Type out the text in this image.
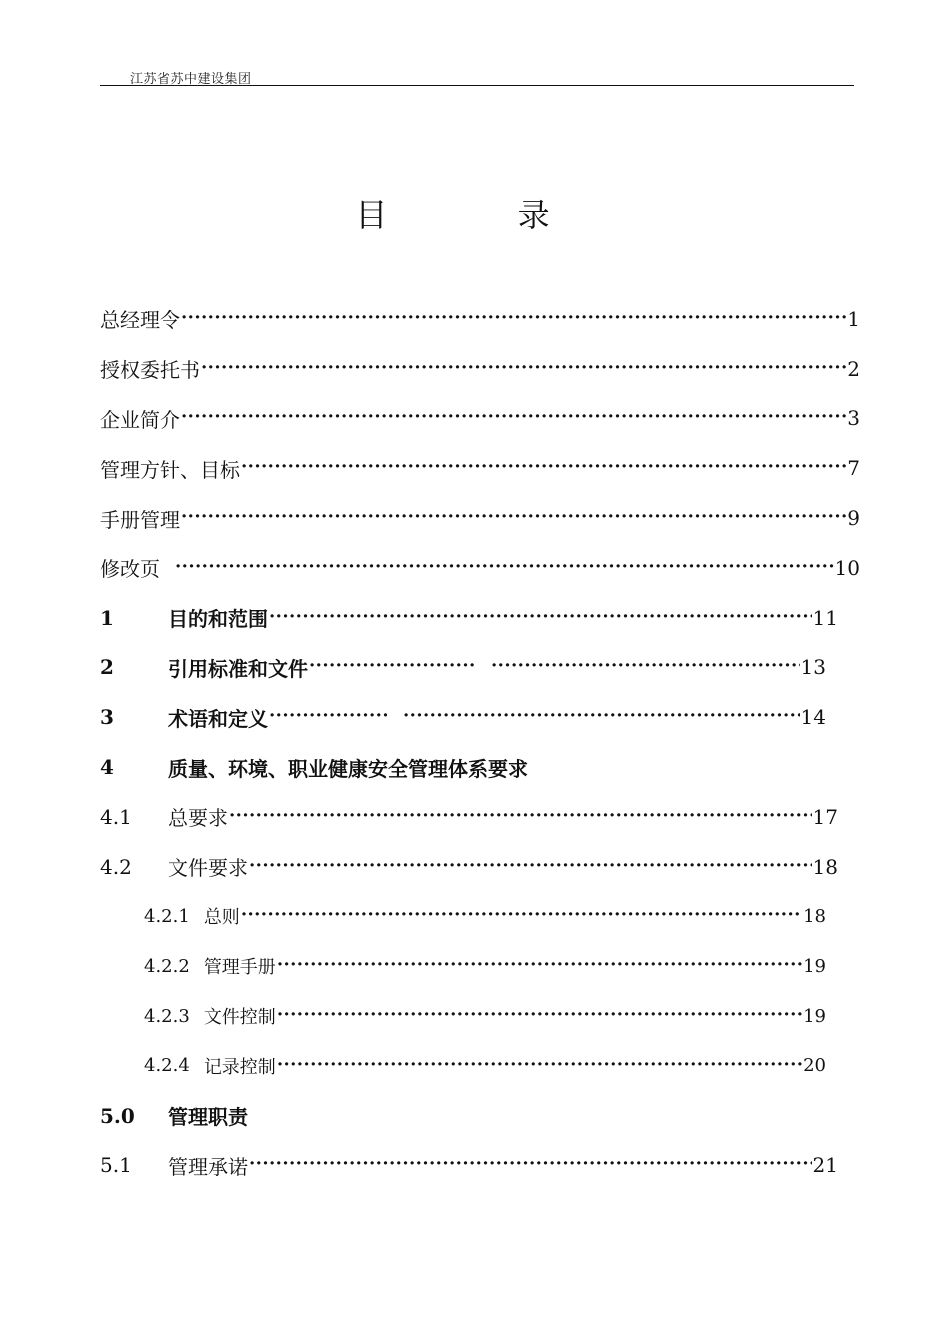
江苏省苏中建设集团
目 录
总经理令 ·····	1
授权委托书 ·····	2
企业简介 ·····	3
管理方针、目标 ·····	7
手册管理 ·····	9
修改页 ·····	10
1	目的和范围 ·····	11
2	引用标准和文件 ····· ·····	13
3	术语和定义 ····· ·····	14
4	质量、环境、职业健康安全管理体系要求
4.1	总要求 ·····	17
4.2	文件要求 ·····	18
4.2.1 总则 ·····	18
4.2.2 管理手册 ·····	19
4.2.3 文件控制 ·····	19
4.2.4 记录控制 ·····	20
5.0	管理职责
5.1	管理承诺 ·····	21
